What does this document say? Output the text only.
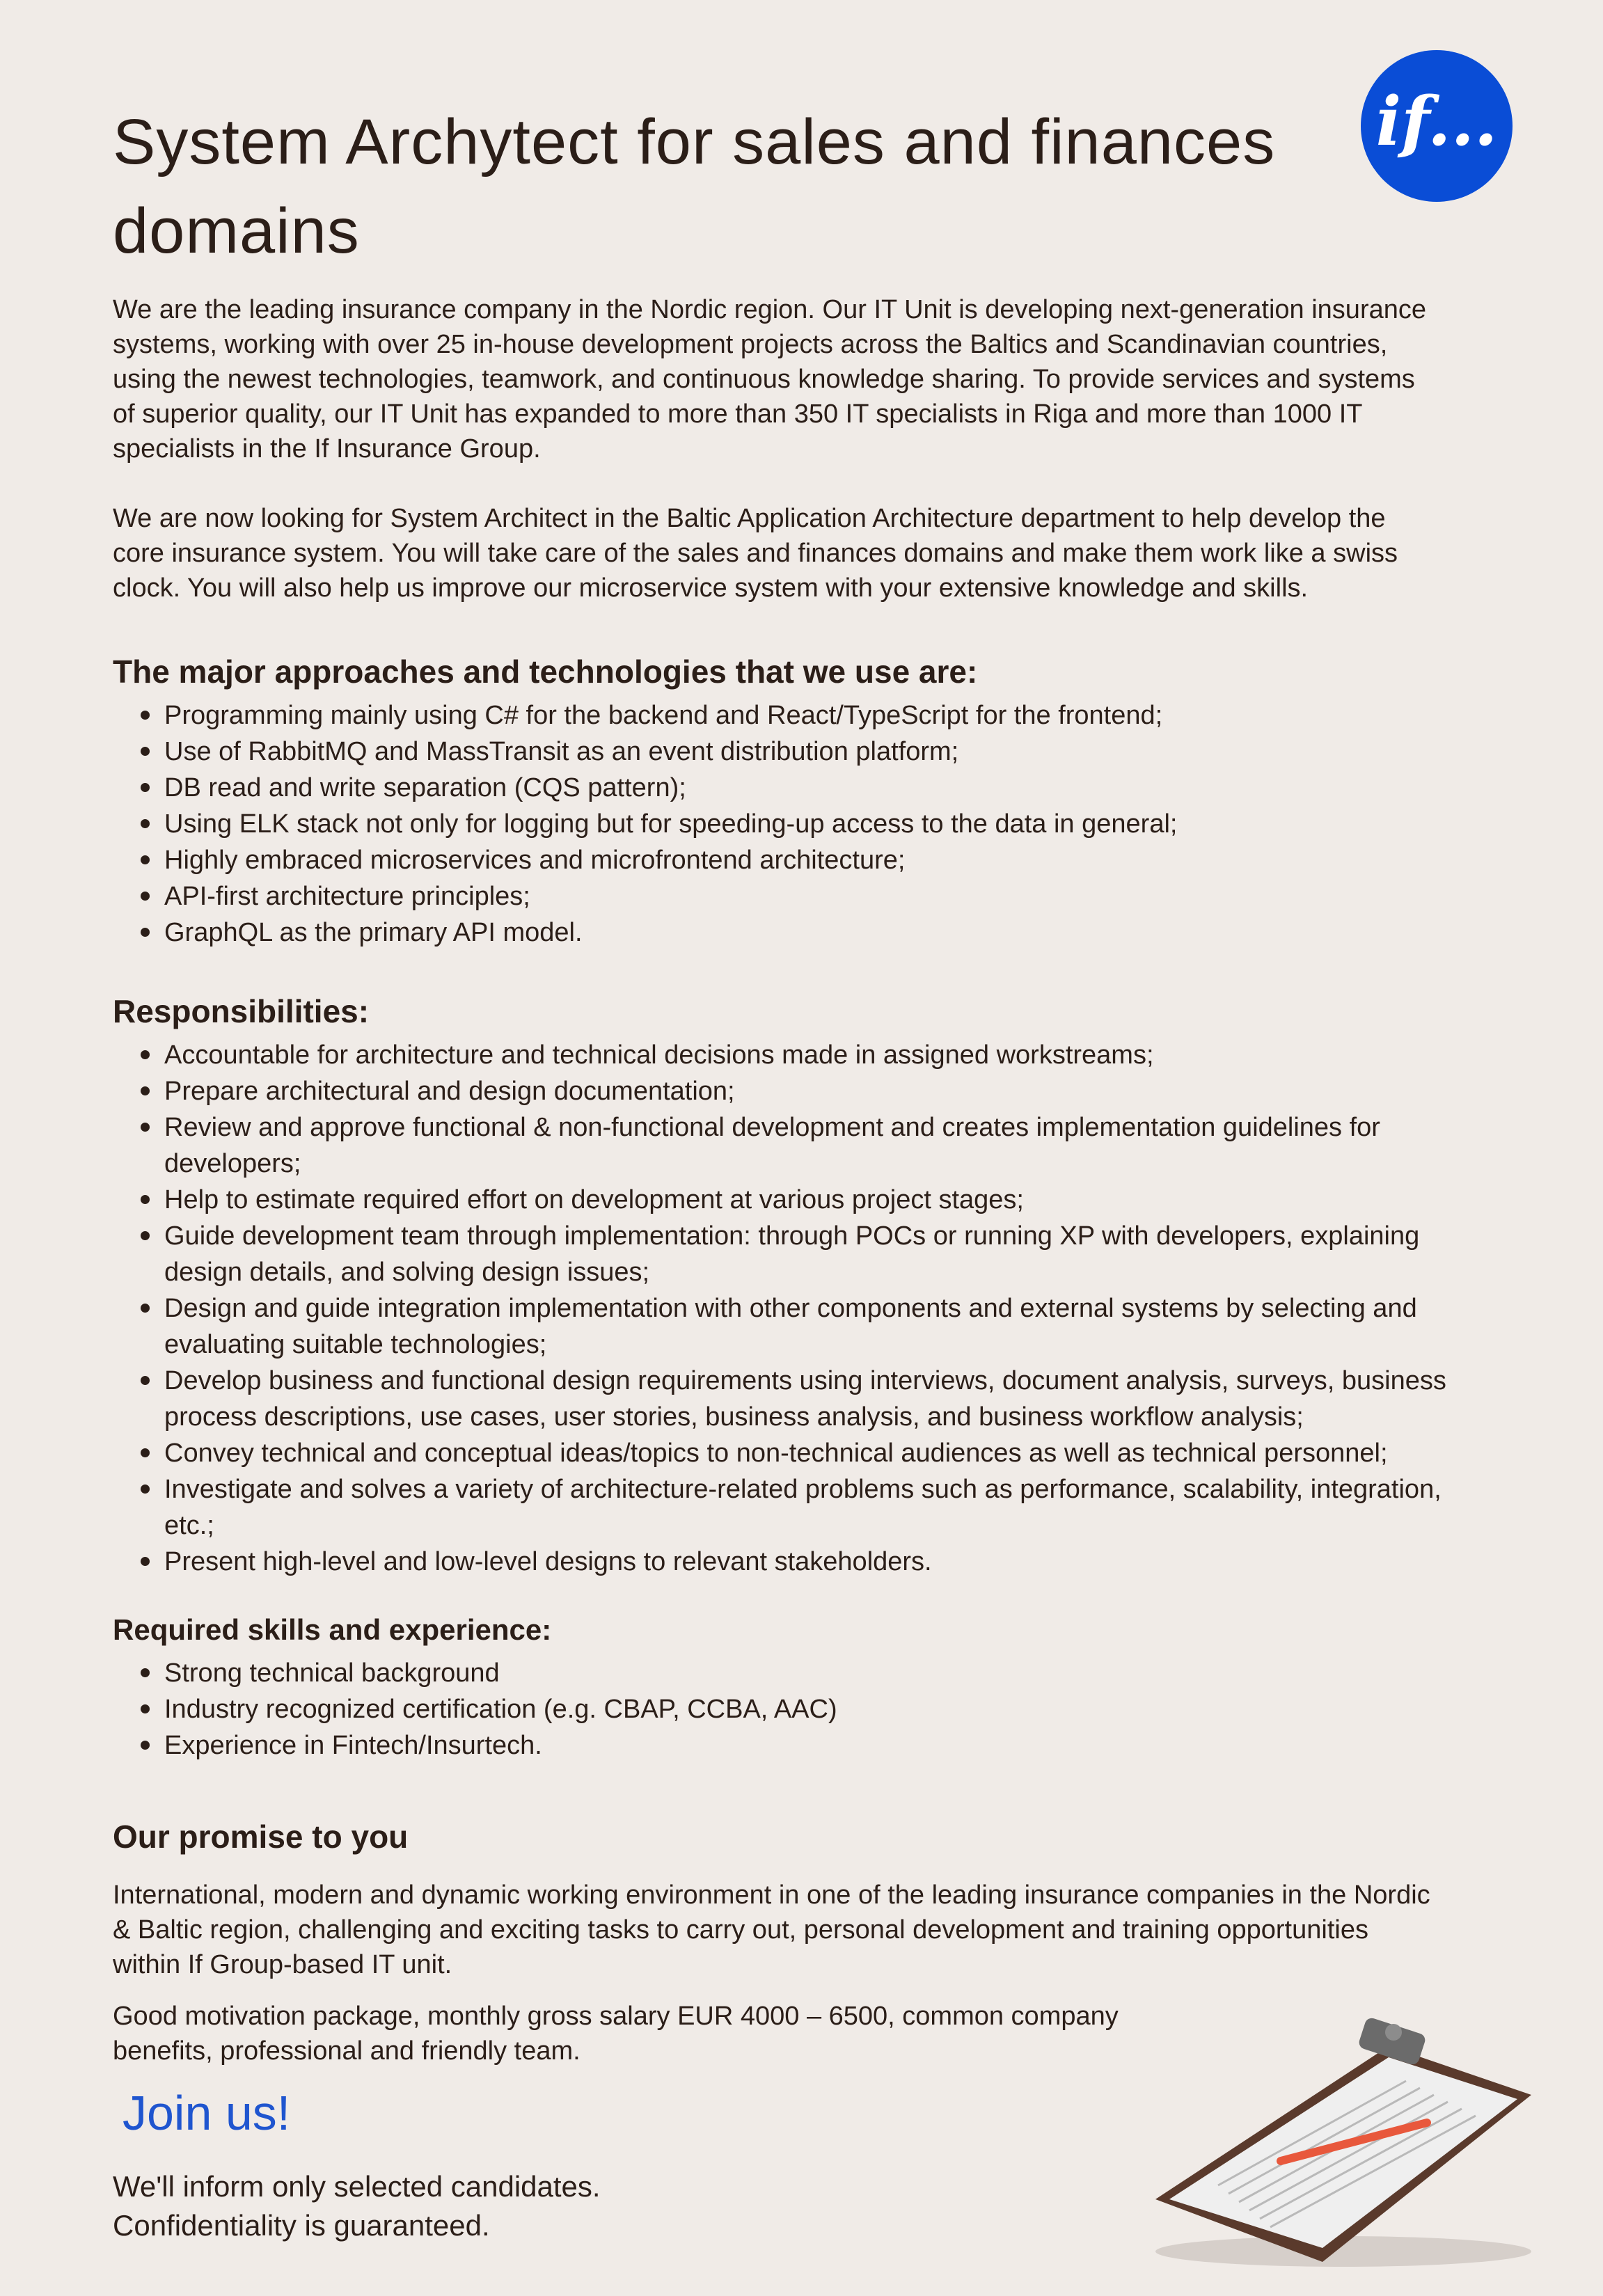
System Archytect for sales and finances domains
if...
We are the leading insurance company in the Nordic region. Our IT Unit is developing next-generation insurance systems, working with over 25 in-house development projects across the Baltics and Scandinavian countries, using the newest technologies, teamwork, and continuous knowledge sharing. To provide services and systems of superior quality, our IT Unit has expanded to more than 350 IT specialists in Riga and more than 1000 IT specialists in the If Insurance Group.
We are now looking for System Architect in the Baltic Application Architecture department to help develop the core insurance system. You will take care of the sales and finances domains and make them work like a swiss clock. You will also help us improve our microservice system with your extensive knowledge and skills.
The major approaches and technologies that we use are:
Programming mainly using C# for the backend and React/TypeScript for the frontend;
Use of RabbitMQ and MassTransit as an event distribution platform;
DB read and write separation (CQS pattern);
Using ELK stack not only for logging but for speeding-up access to the data in general;
Highly embraced microservices and microfrontend architecture;
API-first architecture principles;
GraphQL as the primary API model.
Responsibilities:
Accountable for architecture and technical decisions made in assigned workstreams;
Prepare architectural and design documentation;
Review and approve functional & non-functional development and creates implementation guidelines for developers;
Help to estimate required effort on development at various project stages;
Guide development team through implementation: through POCs or running XP with developers, explaining design details, and solving design issues;
Design and guide integration implementation with other components and external systems by selecting and evaluating suitable technologies;
Develop business and functional design requirements using interviews, document analysis, surveys, business process descriptions, use cases, user stories, business analysis, and business workflow analysis;
Convey technical and conceptual ideas/topics to non-technical audiences as well as technical personnel;
Investigate and solves a variety of architecture-related problems such as performance, scalability, integration, etc.;
Present high-level and low-level designs to relevant stakeholders.
Required skills and experience:
Strong technical background
Industry recognized certification (e.g. CBAP, CCBA, AAC)
Experience in Fintech/Insurtech.
Our promise to you
International, modern and dynamic working environment in one of the leading insurance companies in the Nordic & Baltic region, challenging and exciting tasks to carry out, personal development and training opportunities within If Group-based IT unit.
Good motivation package, monthly gross salary EUR 4000 – 6500, common company benefits, professional and friendly team.
Join us!
We'll inform only selected candidates.
Confidentiality is guaranteed.
